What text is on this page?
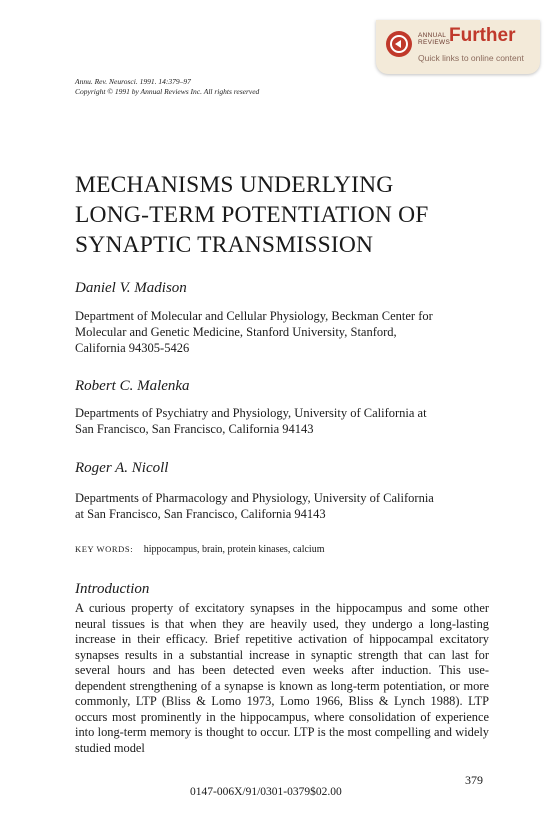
ANNUAL
REVIEWS
Further
Quick links to online content
Annu. Rev. Neurosci. 1991. 14:379–97
Copyright © 1991 by Annual Reviews Inc. All rights reserved
MECHANISMS UNDERLYING
LONG-TERM POTENTIATION OF
SYNAPTIC TRANSMISSION
Daniel V. Madison
Department of Molecular and Cellular Physiology, Beckman Center for
Molecular and Genetic Medicine, Stanford University, Stanford,
California 94305-5426
Robert C. Malenka
Departments of Psychiatry and Physiology, University of California at
San Francisco, San Francisco, California 94143
Roger A. Nicoll
Departments of Pharmacology and Physiology, University of California
at San Francisco, San Francisco, California 94143
KEY WORDS: hippocampus, brain, protein kinases, calcium
Introduction
A curious property of excitatory synapses in the hippocampus and some other neural tissues is that when they are heavily used, they undergo a long-lasting increase in their efficacy. Brief repetitive activation of hippocampal excitatory synapses results in a substantial increase in synaptic strength that can last for several hours and has been detected even weeks after induction. This use-dependent strengthening of a synapse is known as long-term potentiation, or more commonly, LTP (Bliss & Lomo 1973, Lomo 1966, Bliss & Lynch 1988). LTP occurs most prominently in the hippocampus, where consolidation of experience into long-term memory is thought to occur. LTP is the most compelling and widely studied model
379
0147-006X/91/0301-0379$02.00
